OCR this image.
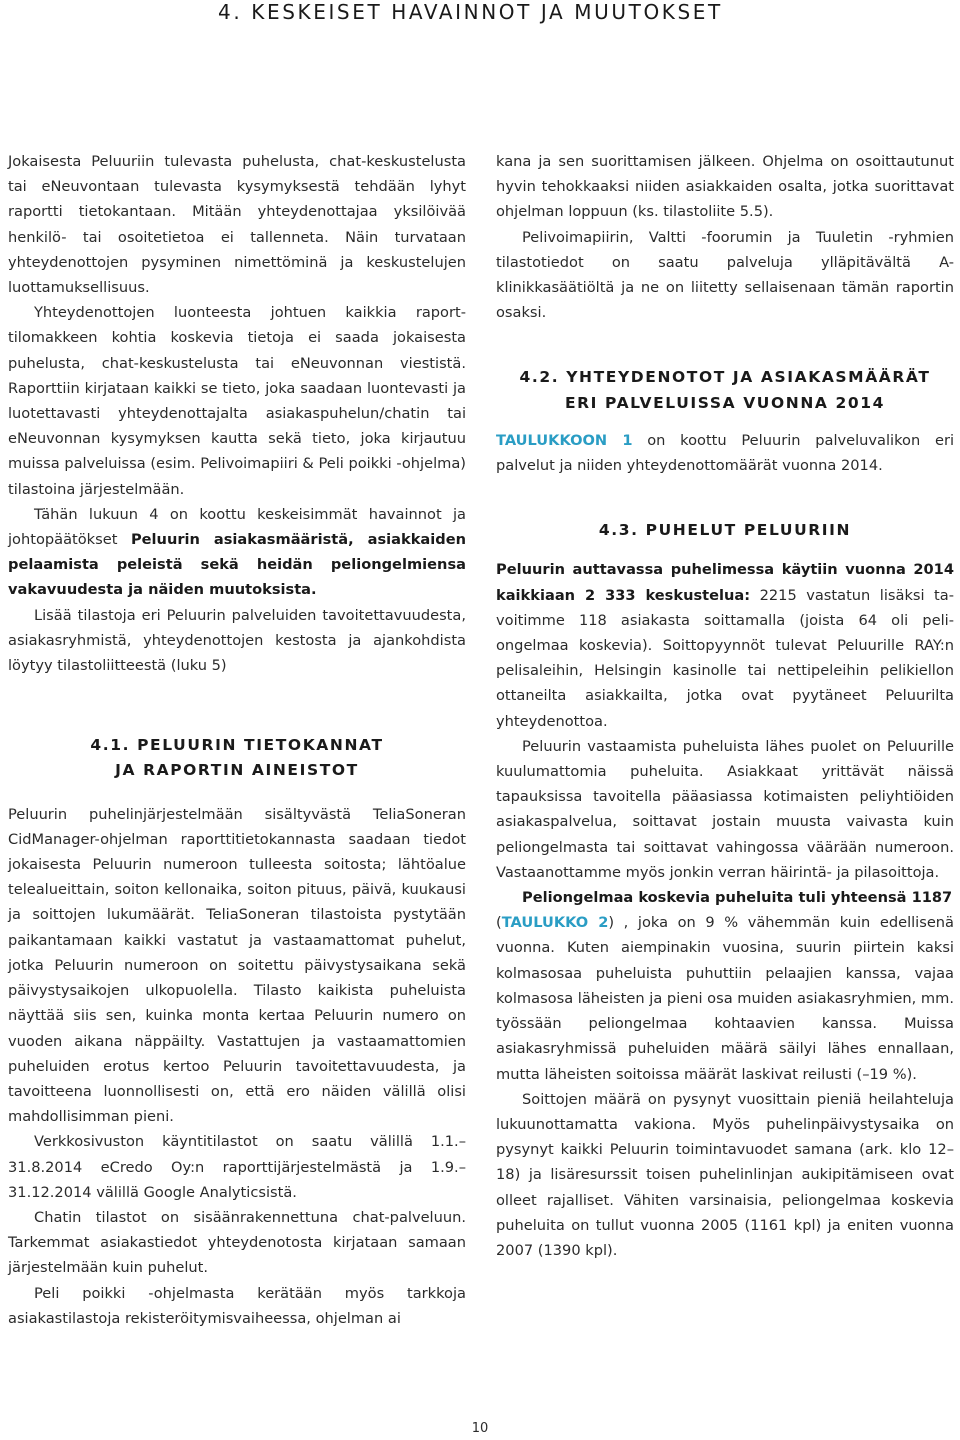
4. KESKEISET HAVAINNOT JA MUUTOKSET

Jokaisesta Peluuriin tulevasta puhelusta, chat-keskustelusta tai eNeuvontaan tulevasta kysymyksestä tehdään lyhyt raportti tietokantaan. Mitään yhteydenottajaa yksilöivää henkilö- tai osoitetietoa ei tallenneta. Näin turvataan yhteydenottojen pysyminen nimettöminä ja keskustelujen luottamuksellisuus.

Yhteydenottojen luonteesta johtuen kaikkia raporttilomakkeen kohtia koskevia tietoja ei saada jokaisesta puhelusta, chat-keskustelusta tai eNeuvonnan viestistä. Raporttiin kirjataan kaikki se tieto, joka saadaan luontevasti ja luotettavasti yhteydenottajalta asiakaspuhelun/chatin tai eNeuvonnan kysymyksen kautta sekä tieto, joka kirjautuu muissa palveluissa (esim. Pelivoimapiiri & Peli poikki -ohjelma) tilastoina järjestelmään.

Tähän lukuun 4 on koottu keskeisimmät havainnot ja johtopäätökset Peluurin asiakasmääristä, asiakkaiden pelaamista peleistä sekä heidän peliongelmiensa vakavuudesta ja näiden muutoksista.

Lisää tilastoja eri Peluurin palveluiden tavoitettavuudesta, asiakasryhmistä, yhteydenottojen kestosta ja ajankohdista löytyy tilastoliitteestä (luku 5)

4.1. PELUURIN TIETOKANNAT
JA RAPORTIN AINEISTOT

Peluurin puhelinjärjestelmään sisältyvästä TeliaSoneran CidManager-ohjelman raporttitietokannasta saadaan tiedot jokaisesta Peluurin numeroon tulleesta soitosta; lähtöalue telealueittain, soiton kellonaika, soiton pituus, päivä, kuukausi ja soittojen lukumäärät. TeliaSoneran tilastoista pystytään paikantamaan kaikki vastatut ja vastaamattomat puhelut, jotka Peluurin numeroon on soitettu päivystysaikana sekä päivystysaikojen ulkopuolella. Tilasto kaikista puheluista näyttää siis sen, kuinka monta kertaa Peluurin numero on vuoden aikana näppäilty. Vastattujen ja vastaamattomien puheluiden erotus kertoo Peluurin tavoitettavuudesta, ja tavoitteena luonnollisesti on, että ero näiden välillä olisi mahdollisimman pieni.

Verkkosivuston käyntitilastot on saatu välillä 1.1.–31.8.2014 eCredo Oy:n raporttijärjestelmästä ja 1.9.–31.12.2014 välillä Google Analyticsistä.

Chatin tilastot on sisäänrakennettuna chat-palveluun. Tarkemmat asiakastiedot yhteydenotosta kirjataan samaan järjestelmään kuin puhelut.

Peli poikki -ohjelmasta kerätään myös tarkkoja asiakastilastoja rekisteröitymisvaiheessa, ohjelman ai

kana ja sen suorittamisen jälkeen. Ohjelma on osoittautunut hyvin tehokkaaksi niiden asiakkaiden osalta, jotka suorittavat ohjelman loppuun (ks. tilastoliite 5.5).

Pelivoimapiirin, Valtti -foorumin ja Tuuletin -ryhmien tilastotiedot on saatu palveluja ylläpitävältä A-klinikkasäätiöltä ja ne on liitetty sellaisenaan tämän raportin osaksi.

4.2. YHTEYDENOTOT JA ASIAKASMÄÄRÄT
ERI PALVELUISSA VUONNA 2014

TAULUKKOON 1 on koottu Peluurin palveluvalikon eri palvelut ja niiden yhteydenottomäärät vuonna 2014.

4.3. PUHELUT PELUURIIN

Peluurin auttavassa puhelimessa käytiin vuonna 2014 kaikkiaan 2 333 keskustelua: 2215 vastatun lisäksi tavoitimme 118 asiakasta soittamalla (joista 64 oli peliongelmaa koskevia). Soittopyynnöt tulevat Peluurille RAY:n pelisaleihin, Helsingin kasinolle tai nettipeleihin pelikiellon ottaneilta asiakkailta, jotka ovat pyytäneet Peluurilta yhteydenottoa.

Peluurin vastaamista puheluista lähes puolet on Peluurille kuulumattomia puheluita. Asiakkaat yrittävät näissä tapauksissa tavoitella pääasiassa kotimaisten peliyhtiöiden asiakaspalvelua, soittavat jostain muusta vaivasta kuin peliongelmasta tai soittavat vahingossa väärään numeroon. Vastaanottamme myös jonkin verran häirintä- ja pilasoittoja.

Peliongelmaa koskevia puheluita tuli yhteensä 1187
(TAULUKKO 2) , joka on 9 % vähemmän kuin edellisenä vuonna. Kuten aiempinakin vuosina, suurin piirtein kaksi kolmasosaa puheluista puhuttiin pelaajien kanssa, vajaa kolmasosa läheisten ja pieni osa muiden asiakasryhmien, mm. työssään peliongelmaa kohtaavien kanssa. Muissa asiakasryhmissä puheluiden määrä säilyi lähes ennallaan, mutta läheisten soitoissa määrät laskivat reilusti (–19 %).

Soittojen määrä on pysynyt vuosittain pieniä heilahteluja lukuunottamatta vakiona. Myös puhelinpäivystysaika on pysynyt kaikki Peluurin toimintavuodet samana (ark. klo 12–18) ja lisäresurssit toisen puhelinlinjan aukipitämiseen ovat olleet rajalliset. Vähiten varsinaisia, peliongelmaa koskevia puheluita on tullut vuonna 2005 (1161 kpl) ja eniten vuonna 2007 (1390 kpl).

10
